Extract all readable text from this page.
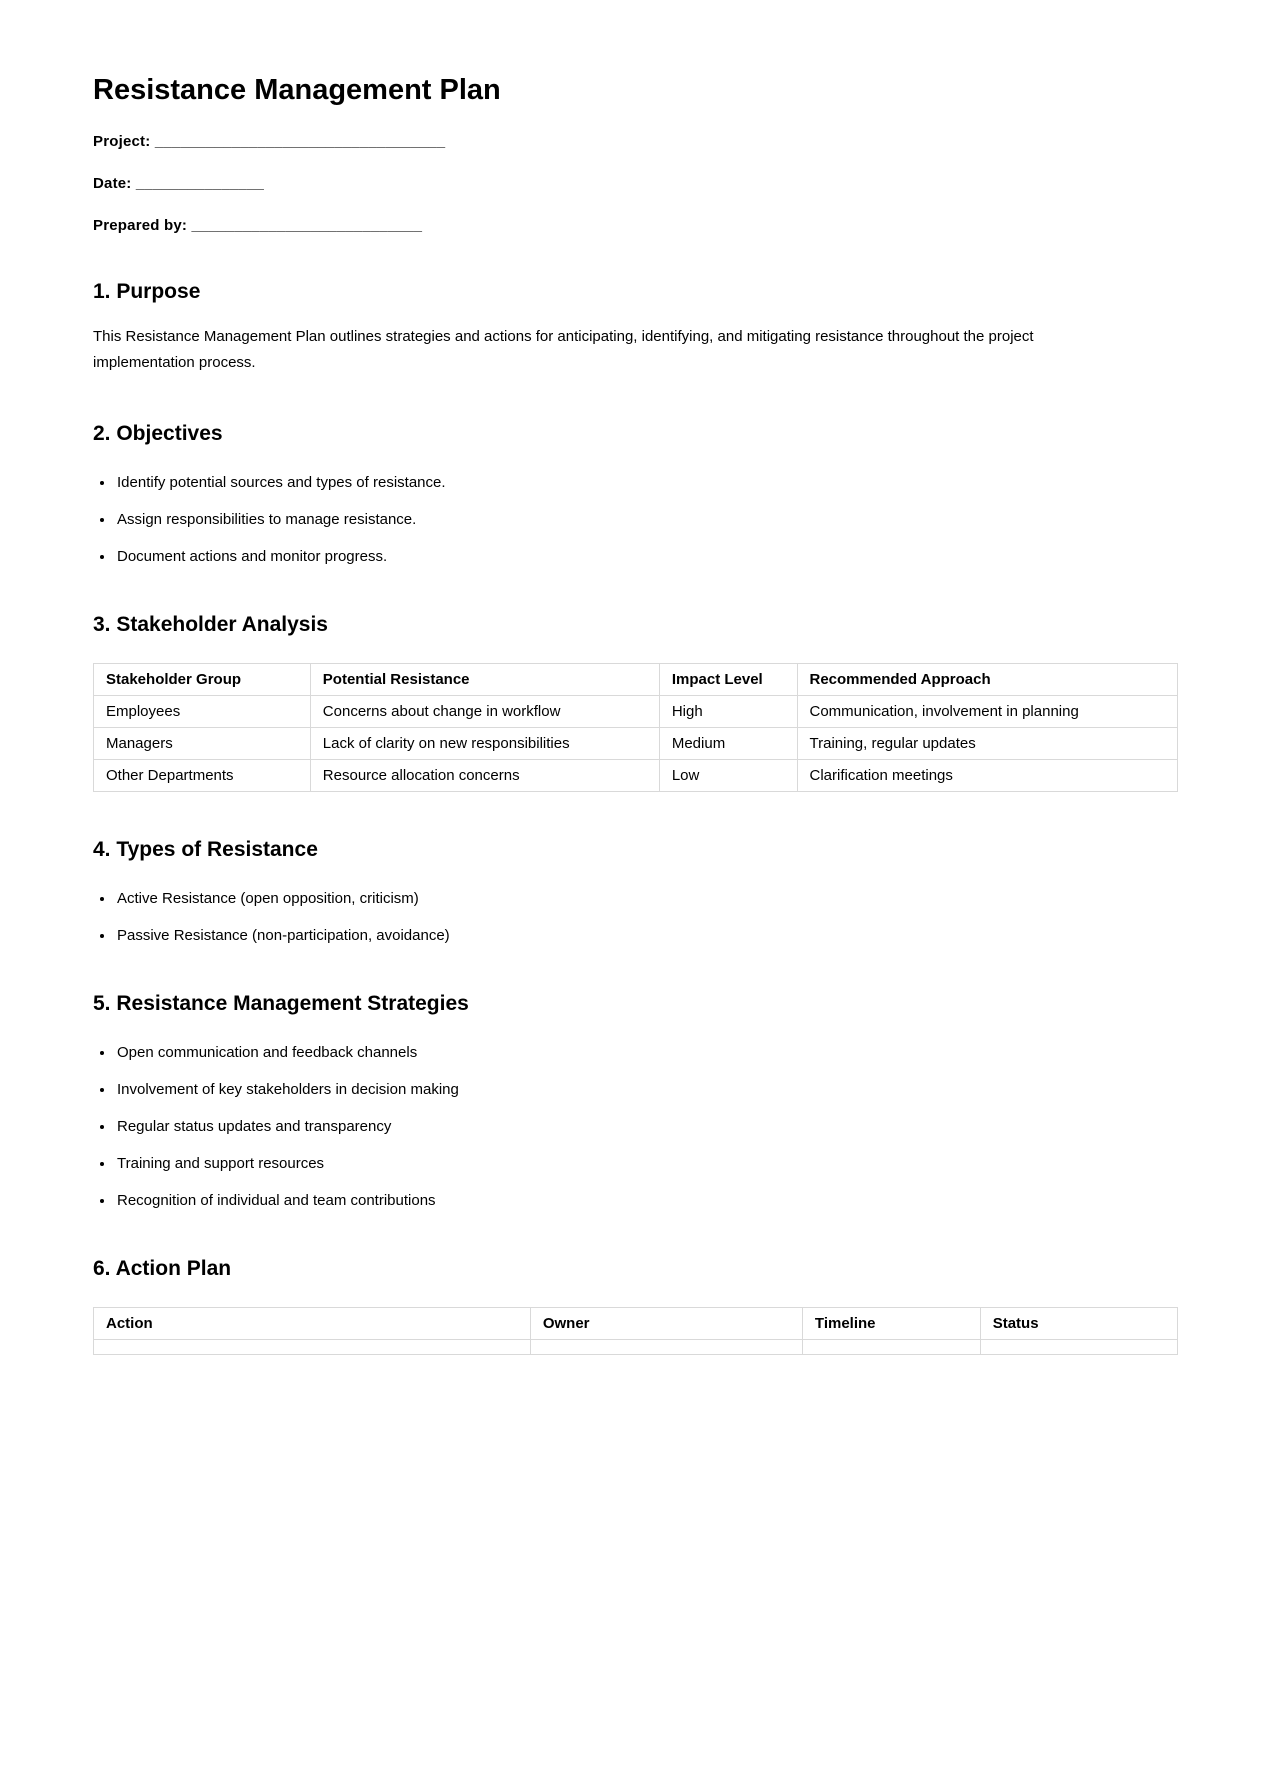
Resistance Management Plan

Project: __________________________________

Date: _______________

Prepared by: ___________________________

1. Purpose

This Resistance Management Plan outlines strategies and actions for anticipating, identifying, and mitigating resistance throughout the project implementation process.

2. Objectives
• Identify potential sources and types of resistance.
• Assign responsibilities to manage resistance.
• Document actions and monitor progress.
3. Stakeholder Analysis
Stakeholder Group	Potential Resistance	Impact Level	Recommended Approach
Employees	Concerns about change in workflow	High	Communication, involvement in planning
Managers	Lack of clarity on new responsibilities	Medium	Training, regular updates
Other Departments	Resource allocation concerns	Low	Clarification meetings
4. Types of Resistance
• Active Resistance (open opposition, criticism)
• Passive Resistance (non-participation, avoidance)
5. Resistance Management Strategies
• Open communication and feedback channels
• Involvement of key stakeholders in decision making
• Regular status updates and transparency
• Training and support resources
• Recognition of individual and team contributions
6. Action Plan
Action	Owner	Timeline	Status
